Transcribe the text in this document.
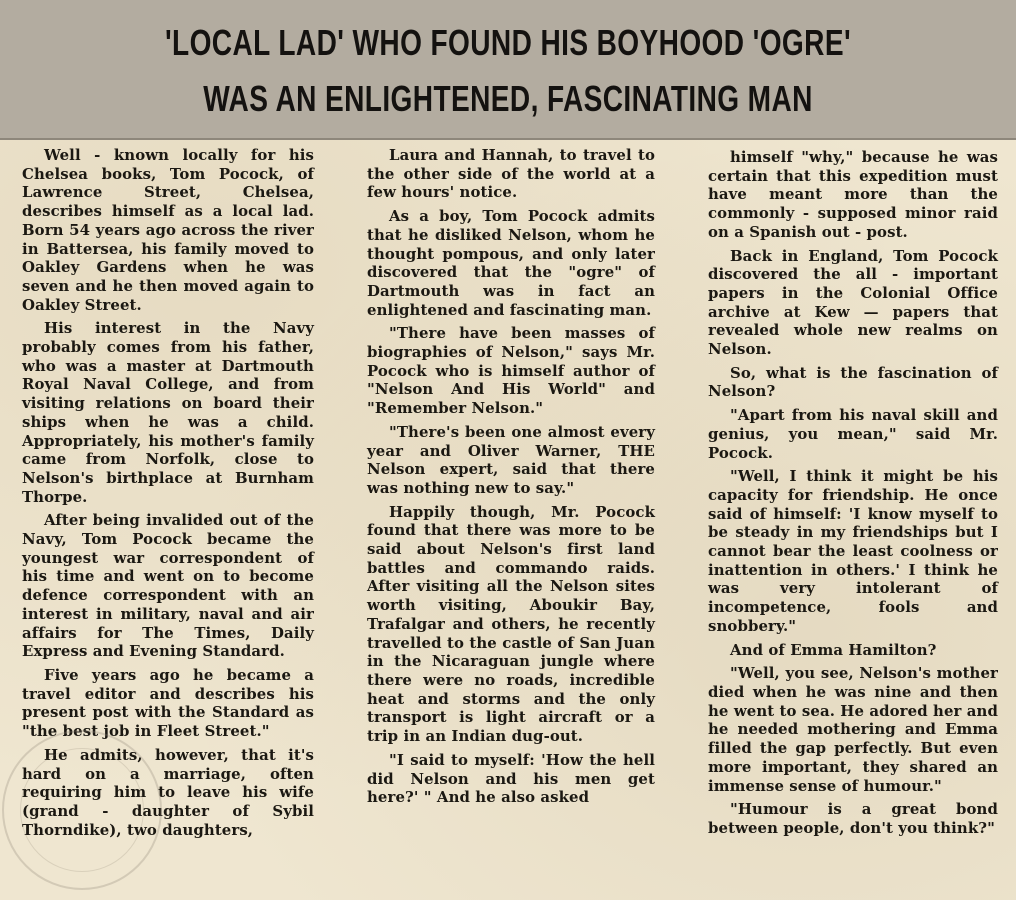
'LOCAL LAD' WHO FOUND HIS BOYHOOD 'OGRE'
WAS AN ENLIGHTENED, FASCINATING MAN

Well - known locally for his Chelsea books, Tom Pocock, of Lawrence Street, Chelsea, describes himself as a local lad. Born 54 years ago across the river in Battersea, his family moved to Oakley Gardens when he was seven and he then moved again to Oakley Street.

His interest in the Navy probably comes from his father, who was a master at Dartmouth Royal Naval College, and from visiting relations on board their ships when he was a child. Appropriately, his mother's family came from Norfolk, close to Nelson's birthplace at Burnham Thorpe.

After being invalided out of the Navy, Tom Pocock became the youngest war correspondent of his time and went on to become defence correspondent with an interest in military, naval and air affairs for The Times, Daily Express and Evening Standard.

Five years ago he became a travel editor and describes his present post with the Standard as "the best job in Fleet Street."

He admits, however, that it's hard on a marriage, often requiring him to leave his wife (grand - daughter of Sybil Thorndike), two daughters,

Laura and Hannah, to travel to the other side of the world at a few hours' notice.

As a boy, Tom Pocock admits that he disliked Nelson, whom he thought pompous, and only later discovered that the "ogre" of Dartmouth was in fact an enlightened and fascinating man.

"There have been masses of biographies of Nelson," says Mr. Pocock who is himself author of "Nelson And His World" and "Remember Nelson."

"There's been one almost every year and Oliver Warner, THE Nelson expert, said that there was nothing new to say."

Happily though, Mr. Pocock found that there was more to be said about Nelson's first land battles and commando raids. After visiting all the Nelson sites worth visiting, Aboukir Bay, Trafalgar and others, he recently travelled to the castle of San Juan in the Nicaraguan jungle where there were no roads, incredible heat and storms and the only transport is light aircraft or a trip in an Indian dug-out.

"I said to myself: 'How the hell did Nelson and his men get here?' " And he also asked

himself "why," because he was certain that this expedition must have meant more than the commonly - supposed minor raid on a Spanish out - post.

Back in England, Tom Pocock discovered the all - important papers in the Colonial Office archive at Kew — papers that revealed whole new realms on Nelson.

So, what is the fascination of Nelson?

"Apart from his naval skill and genius, you mean," said Mr. Pocock.

"Well, I think it might be his capacity for friendship. He once said of himself: 'I know myself to be steady in my friendships but I cannot bear the least coolness or inattention in others.' I think he was very intolerant of incompetence, fools and snobbery."

And of Emma Hamilton?

"Well, you see, Nelson's mother died when he was nine and then he went to sea. He adored her and he needed mothering and Emma filled the gap perfectly. But even more important, they shared an immense sense of humour."

"Humour is a great bond between people, don't you think?"
